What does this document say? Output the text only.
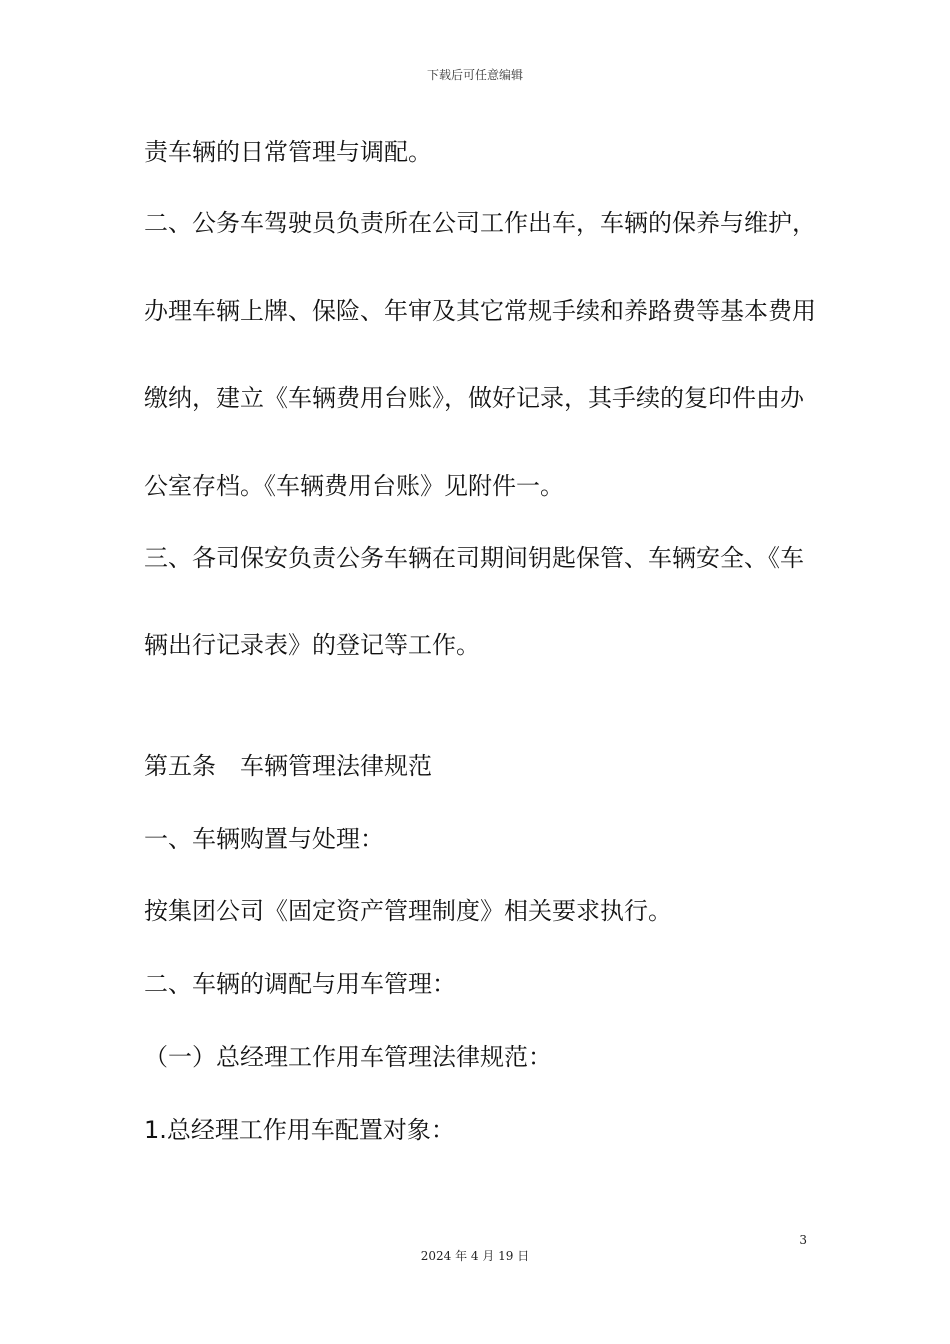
下载后可任意编辑
责车辆的日常管理与调配。
二、公务车驾驶员负责所在公司工作出车，车辆的保养与维护，
办理车辆上牌、保险、年审及其它常规手续和养路费等基本费用
缴纳，建立《车辆费用台账》，做好记录，其手续的复印件由办
公室存档。《车辆费用台账》见附件一。
三、各司保安负责公务车辆在司期间钥匙保管、车辆安全、《车
辆出行记录表》的登记等工作。
第五条　车辆管理法律规范
一、车辆购置与处理：
按集团公司《固定资产管理制度》相关要求执行。
二、车辆的调配与用车管理：
（一）总经理工作用车管理法律规范：
1.总经理工作用车配置对象：
3
2024 年 4 月 19 日
